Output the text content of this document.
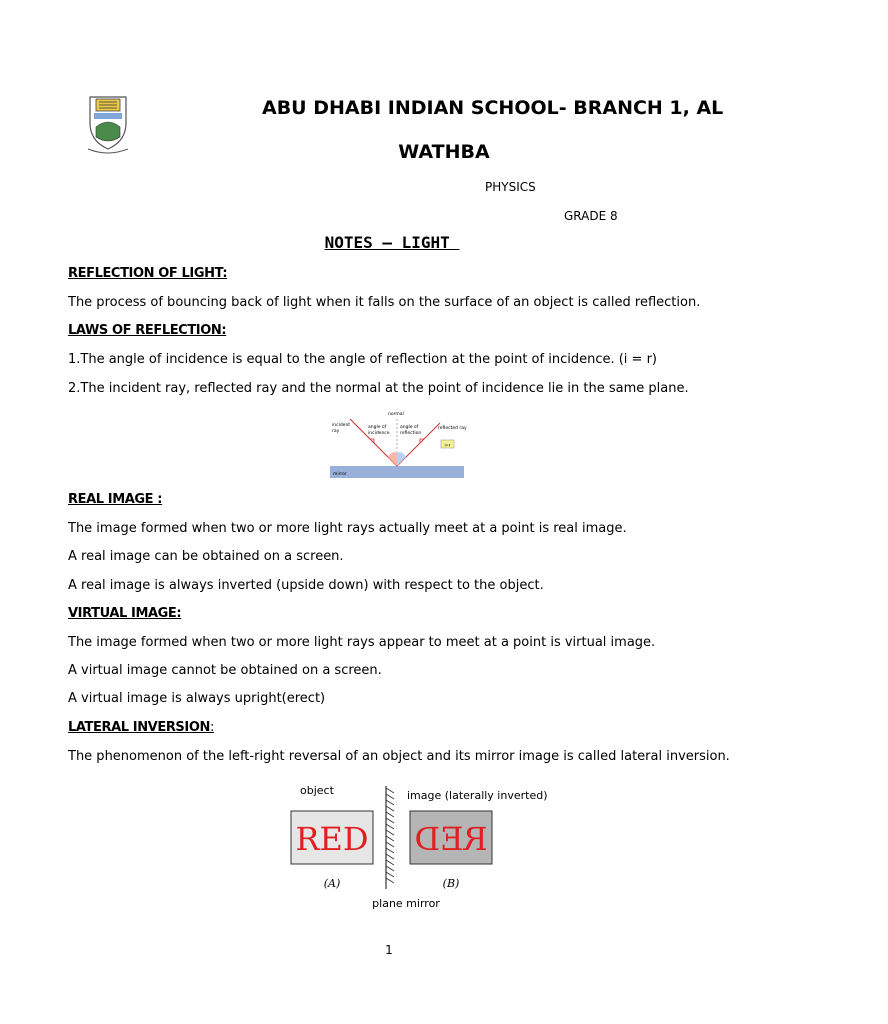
ABU DHABI INDIAN SCHOOL- BRANCH 1, AL
WATHBA
PHYSICS
GRADE 8
NOTES – LIGHT
REFLECTION OF LIGHT:
The process of bouncing back of light when it falls on the surface of an object is called reflection.
LAWS OF REFLECTION:
1.The angle of incidence is equal to the angle of reflection at the point of incidence. (i = r)
2.The incident ray, reflected ray and the normal at the point of incidence lie in the same plane.
i=r
normal
incident
ray
angle of
incidence
angle of
reflection
reflected ray
mirror
REAL IMAGE :
The image formed when two or more light rays actually meet at a point is real image.
A real image can be obtained on a screen.
A real image is always inverted (upside down) with respect to the object.
VIRTUAL IMAGE:
The image formed when two or more light rays appear to meet at a point is virtual image.
A virtual image cannot be obtained on a screen.
A virtual image is always upright(erect)
LATERAL INVERSION:
The phenomenon of the left-right reversal of an object and its mirror image is called lateral inversion.
object	image (laterally inverted)
RED RED
(A)	(B)
plane mirror
1
